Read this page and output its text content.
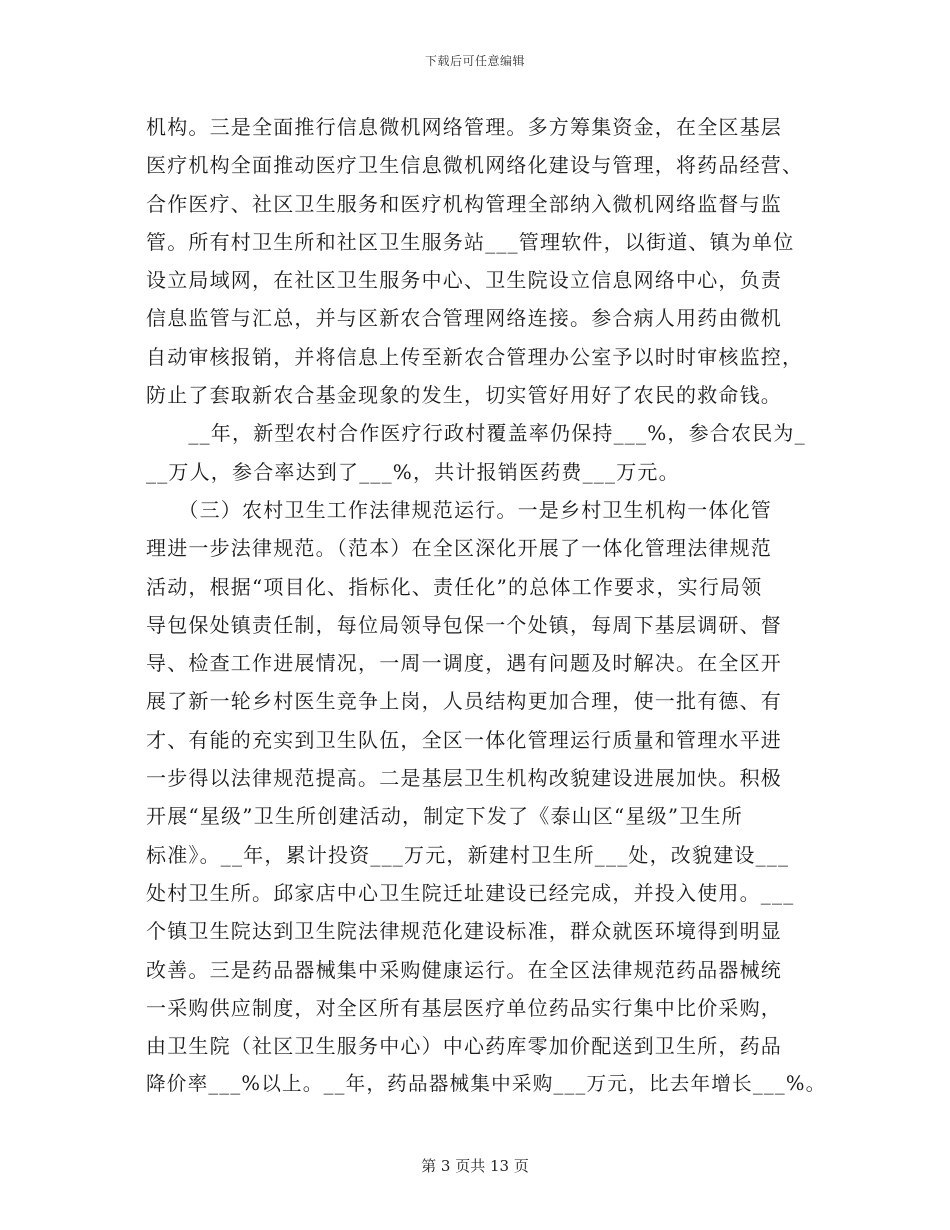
下载后可任意编辑
机构。三是全面推行信息微机网络管理。多方筹集资金，在全区基层
医疗机构全面推动医疗卫生信息微机网络化建设与管理，将药品经营、
合作医疗、社区卫生服务和医疗机构管理全部纳入微机网络监督与监
管。所有村卫生所和社区卫生服务站___管理软件，以街道、镇为单位
设立局域网，在社区卫生服务中心、卫生院设立信息网络中心，负责
信息监管与汇总，并与区新农合管理网络连接。参合病人用药由微机
自动审核报销，并将信息上传至新农合管理办公室予以时时审核监控，
防止了套取新农合基金现象的发生，切实管好用好了农民的救命钱。
　　__年，新型农村合作医疗行政村覆盖率仍保持___%，参合农民为_
__万人，参合率达到了___%，共计报销医药费___万元。
　　（三）农村卫生工作法律规范运行。一是乡村卫生机构一体化管
理进一步法律规范。（范本）在全区深化开展了一体化管理法律规范
活动，根据“项目化、指标化、责任化”的总体工作要求，实行局领
导包保处镇责任制，每位局领导包保一个处镇，每周下基层调研、督
导、检查工作进展情况，一周一调度，遇有问题及时解决。在全区开
展了新一轮乡村医生竞争上岗，人员结构更加合理，使一批有德、有
才、有能的充实到卫生队伍，全区一体化管理运行质量和管理水平进
一步得以法律规范提高。二是基层卫生机构改貌建设进展加快。积极
开展“星级”卫生所创建活动，制定下发了《泰山区“星级”卫生所
标准》。__年，累计投资___万元，新建村卫生所___处，改貌建设___
处村卫生所。邱家店中心卫生院迁址建设已经完成，并投入使用。___
个镇卫生院达到卫生院法律规范化建设标准，群众就医环境得到明显
改善。三是药品器械集中采购健康运行。在全区法律规范药品器械统
一采购供应制度，对全区所有基层医疗单位药品实行集中比价采购，
由卫生院（社区卫生服务中心）中心药库零加价配送到卫生所，药品
降价率___%以上。__年，药品器械集中采购___万元，比去年增长___%。
第 3 页共 13 页
